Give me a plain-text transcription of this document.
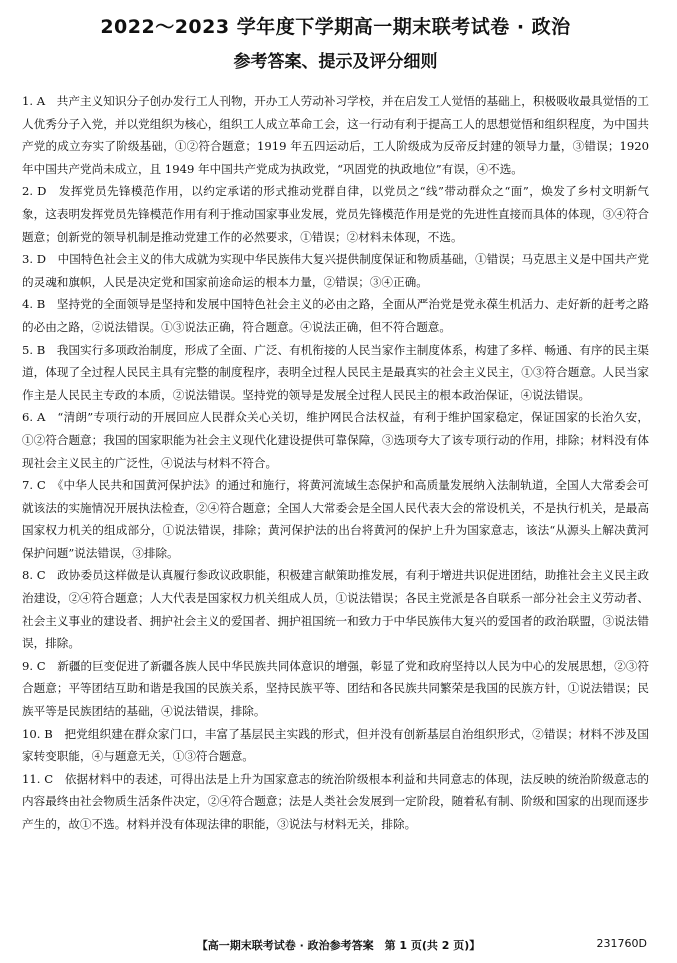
2022～2023 学年度下学期高一期末联考试卷 · 政治
参考答案、提示及评分细则

1. A　共产主义知识分子创办发行工人刊物，开办工人劳动补习学校，并在启发工人觉悟的基础上，积极吸收最具觉悟的工人优秀分子入党，并以党组织为核心，组织工人成立革命工会，这一行动有利于提高工人的思想觉悟和组织程度，为中国共产党的成立夯实了阶级基础，①②符合题意；1919 年五四运动后，工人阶级成为反帝反封建的领导力量，③错误；1920 年中国共产党尚未成立，且 1949 年中国共产党成为执政党，“巩固党的执政地位”有误，④不选。

2. D　发挥党员先锋模范作用，以约定承诺的形式推动党群自律，以党员之“线”带动群众之“面”，焕发了乡村文明新气象，这表明发挥党员先锋模范作用有利于推动国家事业发展，党员先锋模范作用是党的先进性直接而具体的体现，③④符合题意；创新党的领导机制是推动党建工作的必然要求，①错误；②材料未体现，不选。

3. D　中国特色社会主义的伟大成就为实现中华民族伟大复兴提供制度保证和物质基础，①错误；马克思主义是中国共产党的灵魂和旗帜，人民是决定党和国家前途命运的根本力量，②错误；③④正确。

4. B　坚持党的全面领导是坚持和发展中国特色社会主义的必由之路，全面从严治党是党永葆生机活力、走好新的赶考之路的必由之路，②说法错误。①③说法正确，符合题意。④说法正确，但不符合题意。

5. B　我国实行多项政治制度，形成了全面、广泛、有机衔接的人民当家作主制度体系，构建了多样、畅通、有序的民主渠道，体现了全过程人民民主具有完整的制度程序，表明全过程人民民主是最真实的社会主义民主，①③符合题意。人民当家作主是人民民主专政的本质，②说法错误。坚持党的领导是发展全过程人民民主的根本政治保证，④说法错误。

6. A　“清朗”专项行动的开展回应人民群众关心关切，维护网民合法权益，有利于维护国家稳定，保证国家的长治久安，①②符合题意；我国的国家职能为社会主义现代化建设提供可靠保障，③选项夸大了该专项行动的作用，排除；材料没有体现社会主义民主的广泛性，④说法与材料不符合。

7. C　《中华人民共和国黄河保护法》的通过和施行，将黄河流域生态保护和高质量发展纳入法制轨道，全国人大常委会可就该法的实施情况开展执法检查，②④符合题意；全国人大常委会是全国人民代表大会的常设机关，不是执行机关，是最高国家权力机关的组成部分，①说法错误，排除；黄河保护法的出台将黄河的保护上升为国家意志，该法“从源头上解决黄河保护问题”说法错误，③排除。

8. C　政协委员这样做是认真履行参政议政职能，积极建言献策助推发展，有利于增进共识促进团结，助推社会主义民主政治建设，②④符合题意；人大代表是国家权力机关组成人员，①说法错误；各民主党派是各自联系一部分社会主义劳动者、社会主义事业的建设者、拥护社会主义的爱国者、拥护祖国统一和致力于中华民族伟大复兴的爱国者的政治联盟，③说法错误，排除。

9. C　新疆的巨变促进了新疆各族人民中华民族共同体意识的增强，彰显了党和政府坚持以人民为中心的发展思想，②③符合题意；平等团结互助和谐是我国的民族关系，坚持民族平等、团结和各民族共同繁荣是我国的民族方针，①说法错误；民族平等是民族团结的基础，④说法错误，排除。

10. B　把党组织建在群众家门口，丰富了基层民主实践的形式，但并没有创新基层自治组织形式，②错误；材料不涉及国家转变职能，④与题意无关，①③符合题意。

11. C　依据材料中的表述，可得出法是上升为国家意志的统治阶级根本利益和共同意志的体现，法反映的统治阶级意志的内容最终由社会物质生活条件决定，②④符合题意；法是人类社会发展到一定阶段，随着私有制、阶级和国家的出现而逐步产生的，故①不选。材料并没有体现法律的职能，③说法与材料无关，排除。

【高一期末联考试卷 · 政治参考答案　第 1 页(共 2 页)】	231760D
